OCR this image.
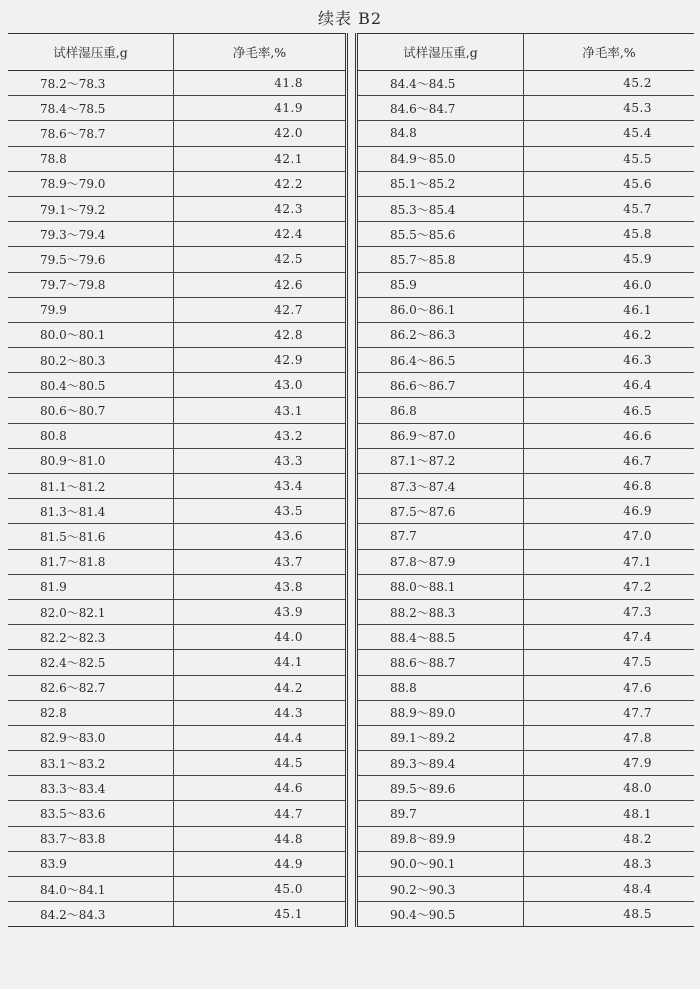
续表 B2
试样湿压重,g	净毛率,%
78.2～78.3	41.8
78.4～78.5	41.9
78.6～78.7	42.0
78.8	42.1
78.9～79.0	42.2
79.1～79.2	42.3
79.3～79.4	42.4
79.5～79.6	42.5
79.7～79.8	42.6
79.9	42.7
80.0～80.1	42.8
80.2～80.3	42.9
80.4～80.5	43.0
80.6～80.7	43.1
80.8	43.2
80.9～81.0	43.3
81.1～81.2	43.4
81.3～81.4	43.5
81.5～81.6	43.6
81.7～81.8	43.7
81.9	43.8
82.0～82.1	43.9
82.2～82.3	44.0
82.4～82.5	44.1
82.6～82.7	44.2
82.8	44.3
82.9～83.0	44.4
83.1～83.2	44.5
83.3～83.4	44.6
83.5～83.6	44.7
83.7～83.8	44.8
83.9	44.9
84.0～84.1	45.0
84.2～84.3	45.1
试样湿压重,g	净毛率,%
84.4～84.5	45.2
84.6～84.7	45.3
84.8	45.4
84.9～85.0	45.5
85.1～85.2	45.6
85.3～85.4	45.7
85.5～85.6	45.8
85.7～85.8	45.9
85.9	46.0
86.0～86.1	46.1
86.2～86.3	46.2
86.4～86.5	46.3
86.6～86.7	46.4
86.8	46.5
86.9～87.0	46.6
87.1～87.2	46.7
87.3～87.4	46.8
87.5～87.6	46.9
87.7	47.0
87.8～87.9	47.1
88.0～88.1	47.2
88.2～88.3	47.3
88.4～88.5	47.4
88.6～88.7	47.5
88.8	47.6
88.9～89.0	47.7
89.1～89.2	47.8
89.3～89.4	47.9
89.5～89.6	48.0
89.7	48.1
89.8～89.9	48.2
90.0～90.1	48.3
90.2～90.3	48.4
90.4～90.5	48.5
